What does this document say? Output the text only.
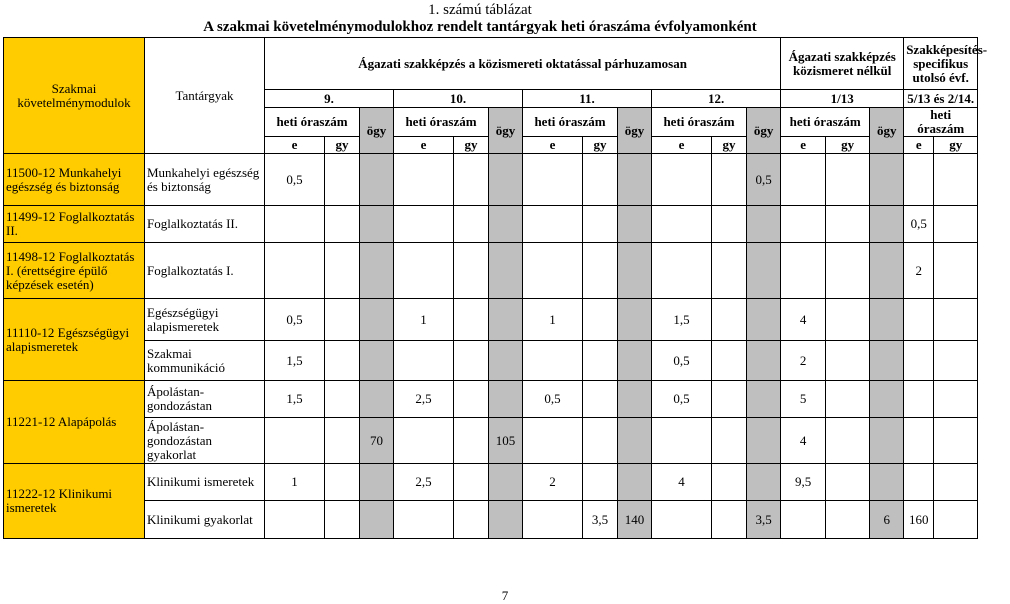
1. számú táblázat
A szakmai követelménymodulokhoz rendelt tantárgyak heti óraszáma évfolyamonként
Szakmai követelménymodulok	Tantárgyak	Ágazati szakképzés a közismereti oktatással párhuzamosan												Ágazati szakképzés közismeret nélkül			Szakképesítés-specifikus utolsó évf.	
		9.			10.			11.			12.			1/13			5/13 és 2/14.	
		heti óraszám		ögy	heti óraszám		ögy	heti óraszám		ögy	heti óraszám		ögy	heti óraszám		ögy	heti óraszám	
		e	gy		e	gy		e	gy		e	gy		e	gy		e	gy
11500-12 Munkahelyi egészség és biztonság	Munkahelyi egészség és biztonság	0,5											0,5					
11499-12 Foglalkoztatás II.	Foglalkoztatás II.																0,5	
11498-12 Foglalkoztatás I. (érettségire épülő képzések esetén)	Foglalkoztatás I.																2	
11110-12 Egészségügyi alapismeretek	Egészségügyi alapismeretek	0,5			1			1			1,5			4				
	Szakmai kommunikáció	1,5									0,5			2				
11221-12 Alapápolás	Ápolástan-gondozástan	1,5			2,5			0,5			0,5			5				
	Ápolástan-gondozástan gyakorlat			70			105							4				
11222-12 Klinikumi ismeretek	Klinikumi ismeretek	1			2,5			2			4			9,5				
	Klinikumi gyakorlat								3,5	140			3,5			6	160	
7
